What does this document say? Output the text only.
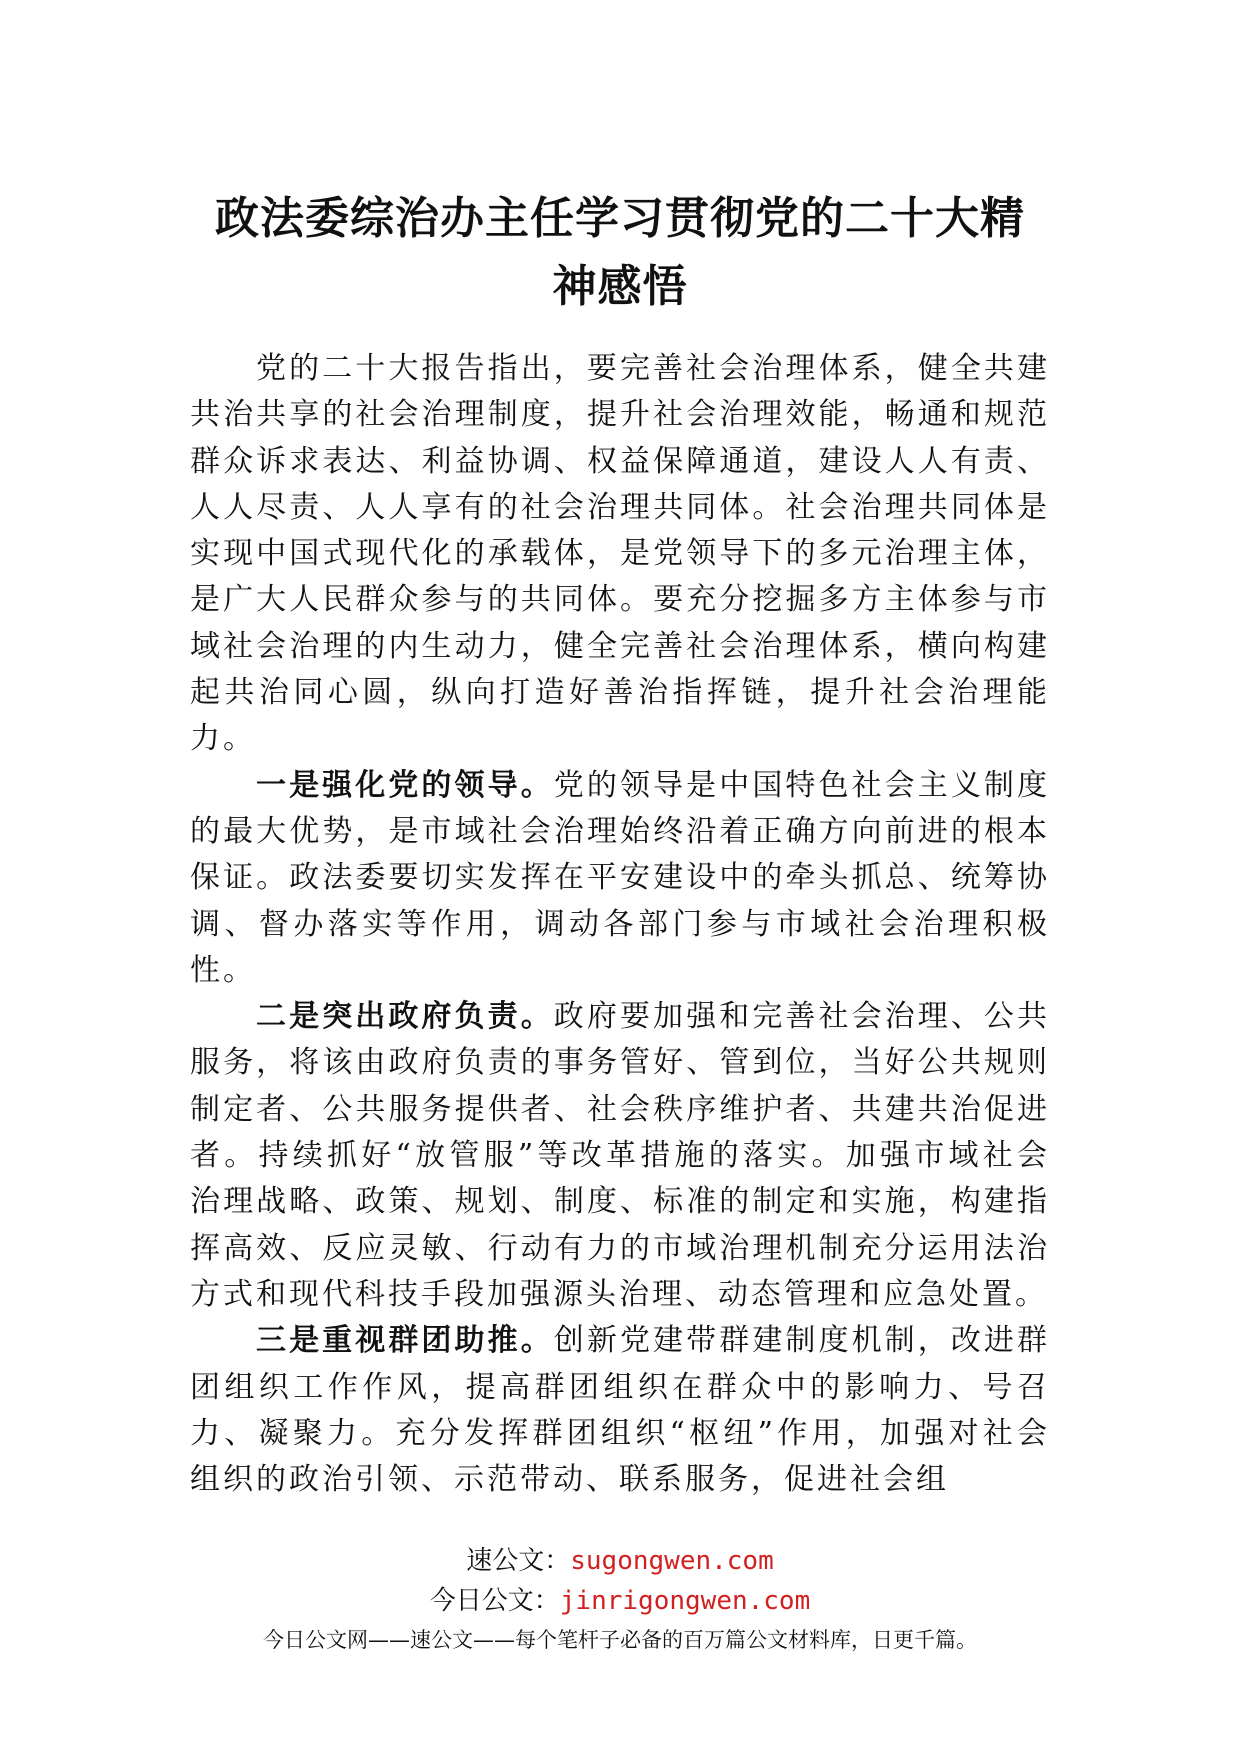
政法委综治办主任学习贯彻党的二十大精
神感悟

党的二十大报告指出，要完善社会治理体系，健全共建共治共享的社会治理制度，提升社会治理效能，畅通和规范群众诉求表达、利益协调、权益保障通道，建设人人有责、人人尽责、人人享有的社会治理共同体。社会治理共同体是实现中国式现代化的承载体，是党领导下的多元治理主体，是广大人民群众参与的共同体。要充分挖掘多方主体参与市域社会治理的内生动力，健全完善社会治理体系，横向构建起共治同心圆，纵向打造好善治指挥链，提升社会治理能力。

一是强化党的领导。党的领导是中国特色社会主义制度的最大优势，是市域社会治理始终沿着正确方向前进的根本保证。政法委要切实发挥在平安建设中的牵头抓总、统筹协调、督办落实等作用，调动各部门参与市域社会治理积极性。

二是突出政府负责。政府要加强和完善社会治理、公共服务，将该由政府负责的事务管好、管到位，当好公共规则制定者、公共服务提供者、社会秩序维护者、共建共治促进者。持续抓好“放管服”等改革措施的落实。加强市域社会治理战略、政策、规划、制度、标准的制定和实施，构建指挥高效、反应灵敏、行动有力的市域治理机制充分运用法治方式和现代科技手段加强源头治理、动态管理和应急处置。

三是重视群团助推。创新党建带群建制度机制，改进群团组织工作作风，提高群团组织在群众中的影响力、号召力、凝聚力。充分发挥群团组织“枢纽”作用，加强对社会组织的政治引领、示范带动、联系服务，促进社会组

速公文：sugongwen.com
今日公文：jinrigongwen.com
今日公文网——速公文——每个笔杆子必备的百万篇公文材料库，日更千篇。
